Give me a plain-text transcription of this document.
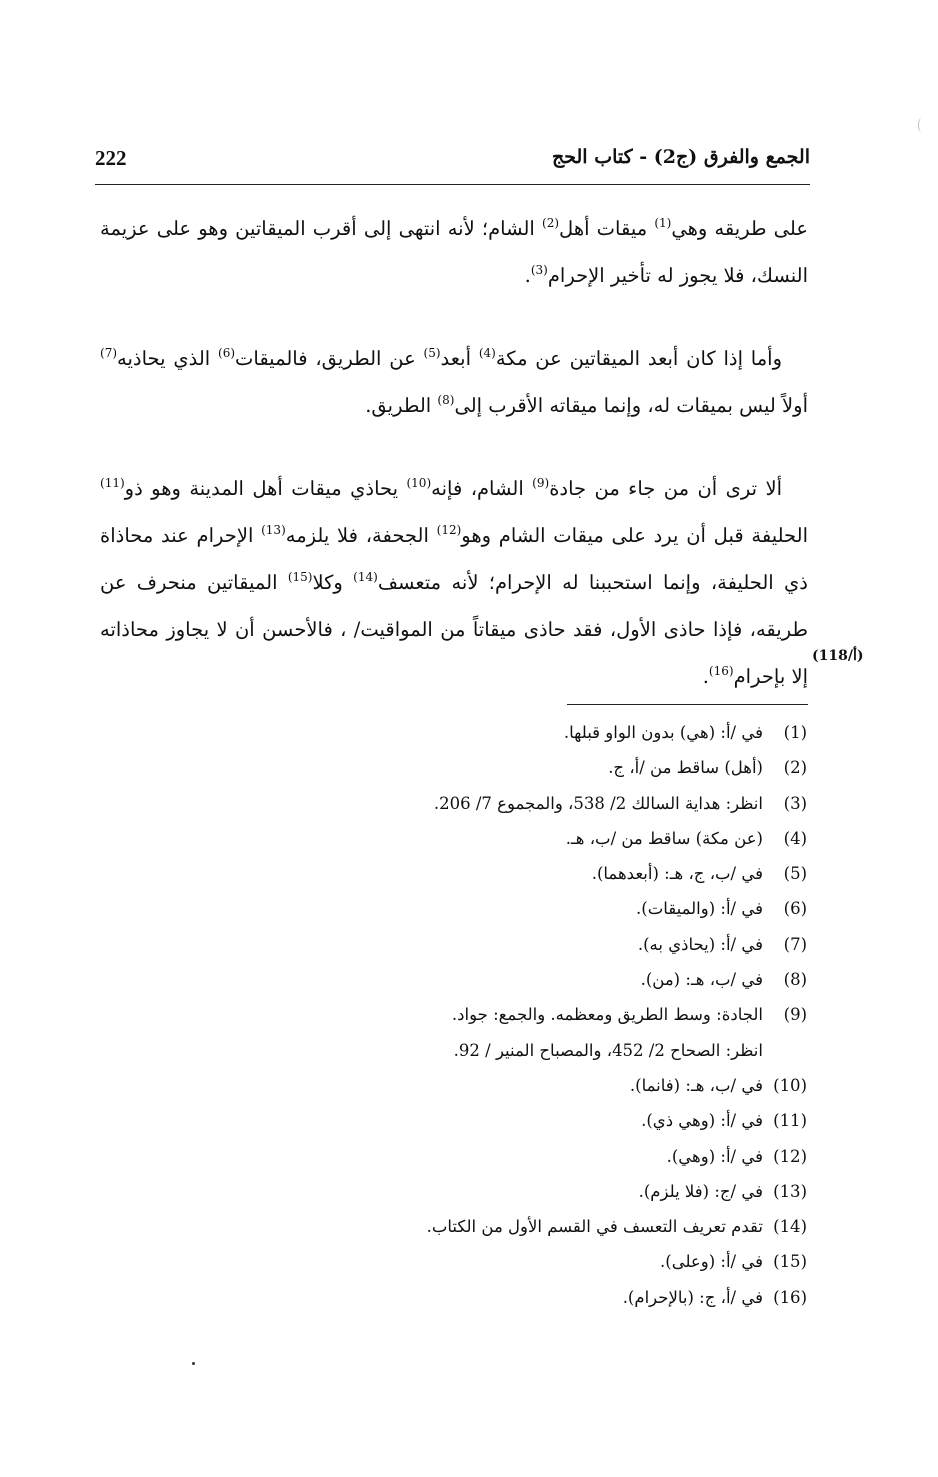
222	الجمع والفرق (ج2) - كتاب الحج

على طريقه وهي$^{(1)}$ ميقات أهل$^{(2)}$ الشام؛ لأنه انتهى إلى أقرب الميقاتين وهو على عزيمة النسك، فلا يجوز له تأخير الإحرام$^{(3)}$.

وأما إذا كان أبعد الميقاتين عن مكة$^{(4)}$ أبعد$^{(5)}$ عن الطريق، فالميقات$^{(6)}$ الذي يحاذيه$^{(7)}$ أولاً ليس بميقات له، وإنما ميقاته الأقرب إلى$^{(8)}$ الطريق.

ألا ترى أن من جاء من جادة$^{(9)}$ الشام، فإنه$^{(10)}$ يحاذي ميقات أهل المدينة وهو ذو$^{(11)}$ الحليفة قبل أن يرد على ميقات الشام وهو$^{(12)}$ الجحفة، فلا يلزمه$^{(13)}$ الإحرام عند محاذاة ذي الحليفة، وإنما استحببنا له الإحرام؛ لأنه متعسف$^{(14)}$ وكلا$^{(15)}$ الميقاتين منحرف عن طريقه، فإذا حاذى الأول، فقد حاذى ميقاتاً من المواقيت/ ، فالأحسن أن لا يجاوز محاذاته إلا بإحرام$^{(16)}$.

(118/أ)
(1)
في /أ: (هي) بدون الواو قبلها.
(2)
(أهل) ساقط من /أ، ج.
(3)
انظر: هداية السالك 2/ 538، والمجموع 7/ 206.
(4)
(عن مكة) ساقط من /ب، هـ.
(5)
في /ب، ج، هـ: (أبعدهما).
(6)
في /أ: (والميقات).
(7)
في /أ: (يحاذي به).
(8)
في /ب، هـ: (من).
(9)
الجادة: وسط الطريق ومعظمه. والجمع: جواد.
انظر: الصحاح 2/ 452، والمصباح المنير / 92.
(10)
في /ب، هـ: (فانما).
(11)
في /أ: (وهي ذي).
(12)
في /أ: (وهي).
(13)
في /ج: (فلا يلزم).
(14)
تقدم تعريف التعسف في القسم الأول من الكتاب.
(15)
في /أ: (وعلى).
(16)
في /أ، ج: (بالإحرام).
